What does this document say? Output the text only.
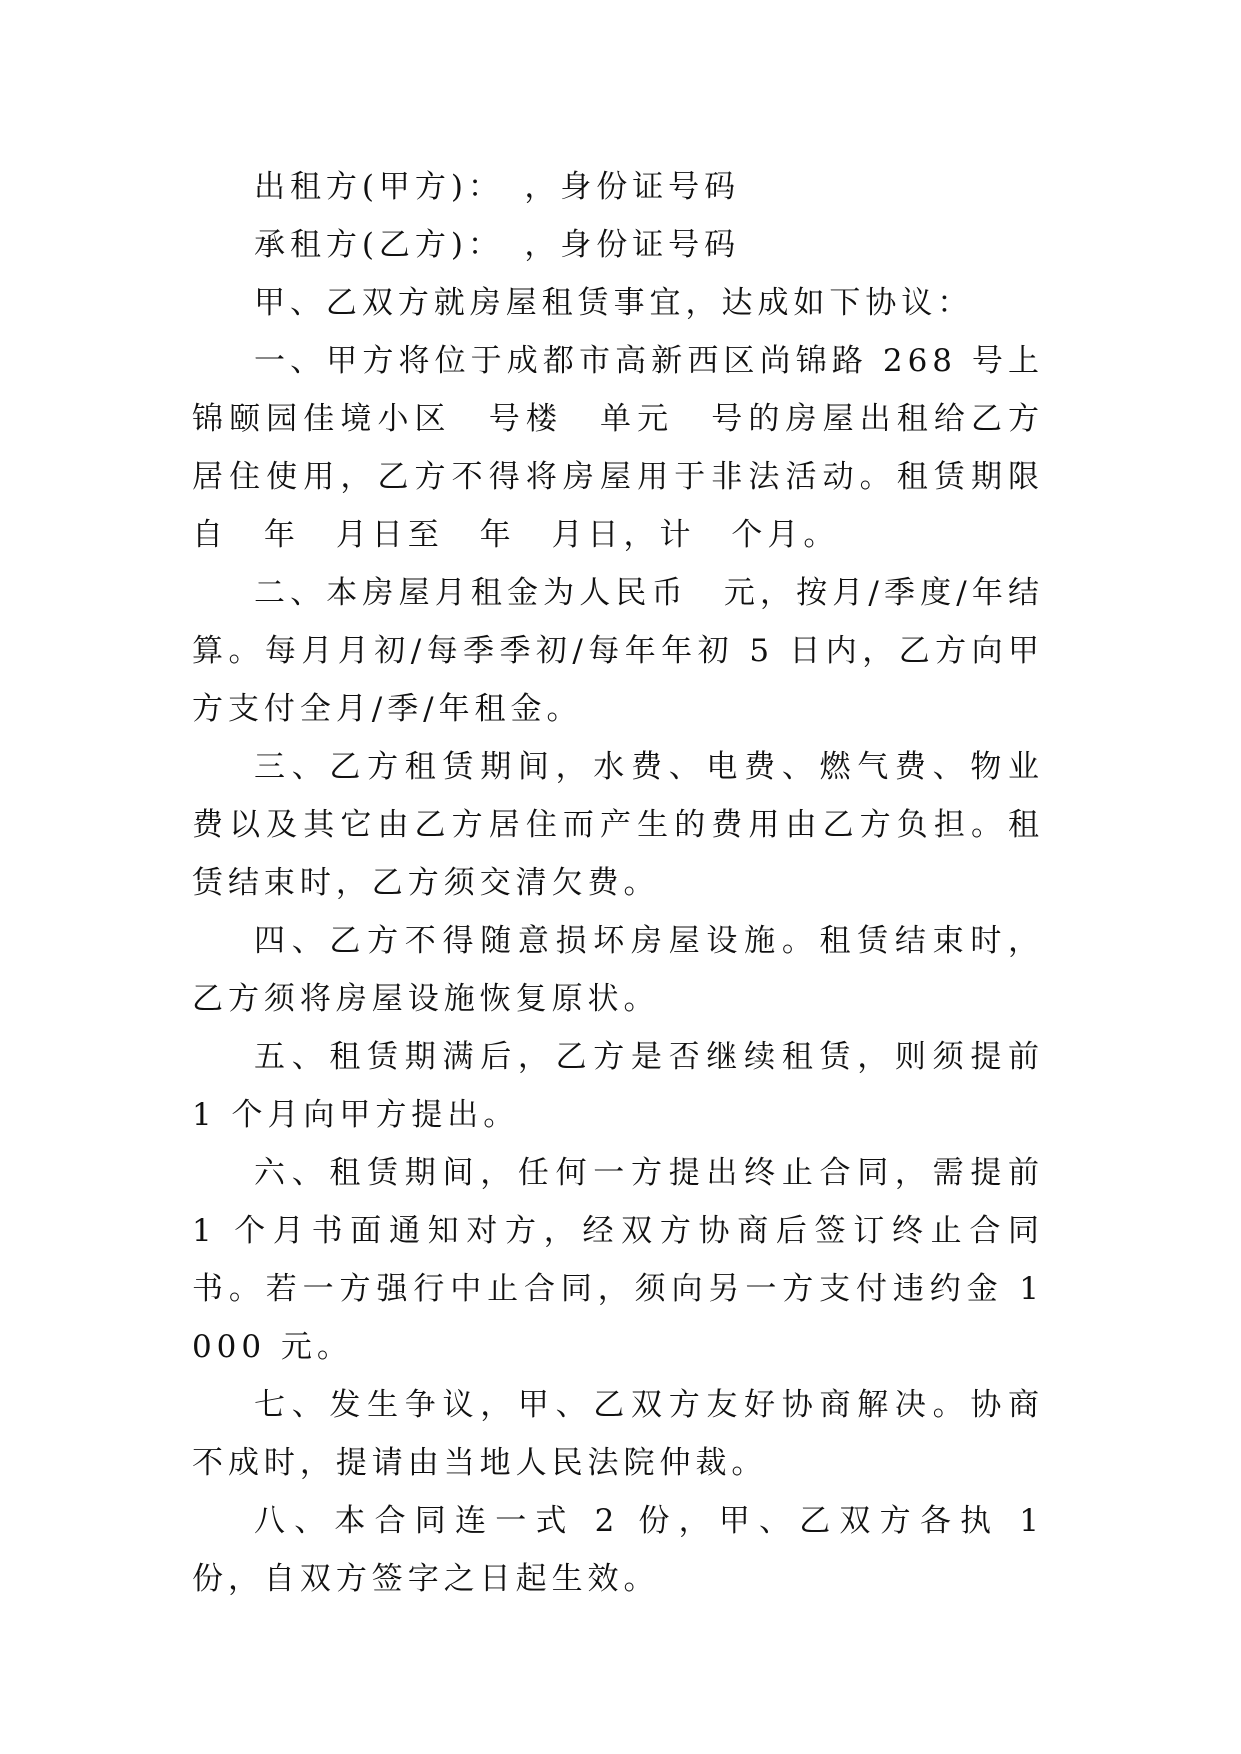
出租方(甲方)：　，身份证号码

承租方(乙方)：　，身份证号码

甲、乙双方就房屋租赁事宜，达成如下协议：

一、甲方将位于成都市高新西区尚锦路 268 号上锦颐园佳境小区　号楼　单元　号的房屋出租给乙方居住使用，乙方不得将房屋用于非法活动。租赁期限自　年　月日至　年　月日，计　个月。

二、本房屋月租金为人民币　元，按月/季度/年结算。每月月初/每季季初/每年年初 5 日内，乙方向甲方支付全月/季/年租金。

三、乙方租赁期间，水费、电费、燃气费、物业费以及其它由乙方居住而产生的费用由乙方负担。租赁结束时，乙方须交清欠费。

四、乙方不得随意损坏房屋设施。租赁结束时，乙方须将房屋设施恢复原状。

五、租赁期满后，乙方是否继续租赁，则须提前 1 个月向甲方提出。

六、租赁期间，任何一方提出终止合同，需提前 1 个月书面通知对方，经双方协商后签订终止合同书。若一方强行中止合同，须向另一方支付违约金 1000 元。

七、发生争议，甲、乙双方友好协商解决。协商不成时，提请由当地人民法院仲裁。

八、本合同连一式 2 份，甲、乙双方各执 1 份，自双方签字之日起生效。
